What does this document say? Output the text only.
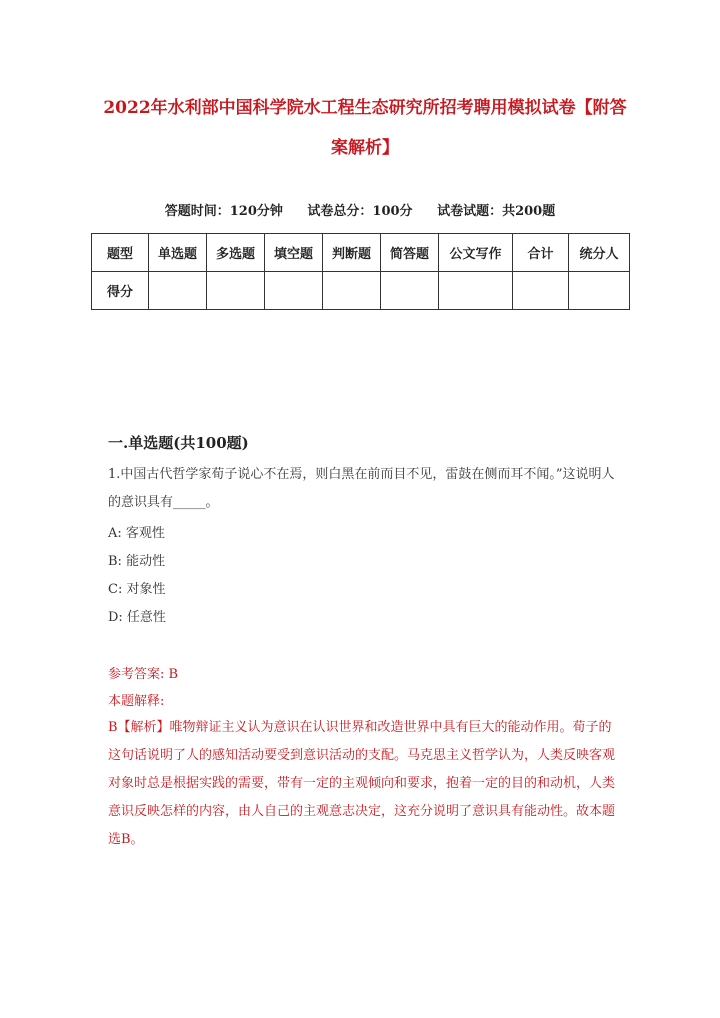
2022年水利部中国科学院水工程生态研究所招考聘用模拟试卷【附答案解析】
答题时间：120分钟 试卷总分：100分 试卷试题：共200题
题型	单选题	多选题	填空题	判断题	简答题	公文写作	合计	统分人
得分								
一.单选题(共100题)
1.中国古代哲学家荀子说心不在焉，则白黑在前而目不见，雷鼓在侧而耳不闻。”这说明人的意识具有_____。
A: 客观性
B: 能动性
C: 对象性
D: 任意性
参考答案: B
本题解释:
B【解析】唯物辩证主义认为意识在认识世界和改造世界中具有巨大的能动作用。荀子的这句话说明了人的感知活动要受到意识活动的支配。马克思主义哲学认为，人类反映客观对象时总是根据实践的需要，带有一定的主观倾向和要求，抱着一定的目的和动机，人类意识反映怎样的内容，由人自己的主观意志决定，这充分说明了意识具有能动性。故本题选B。
